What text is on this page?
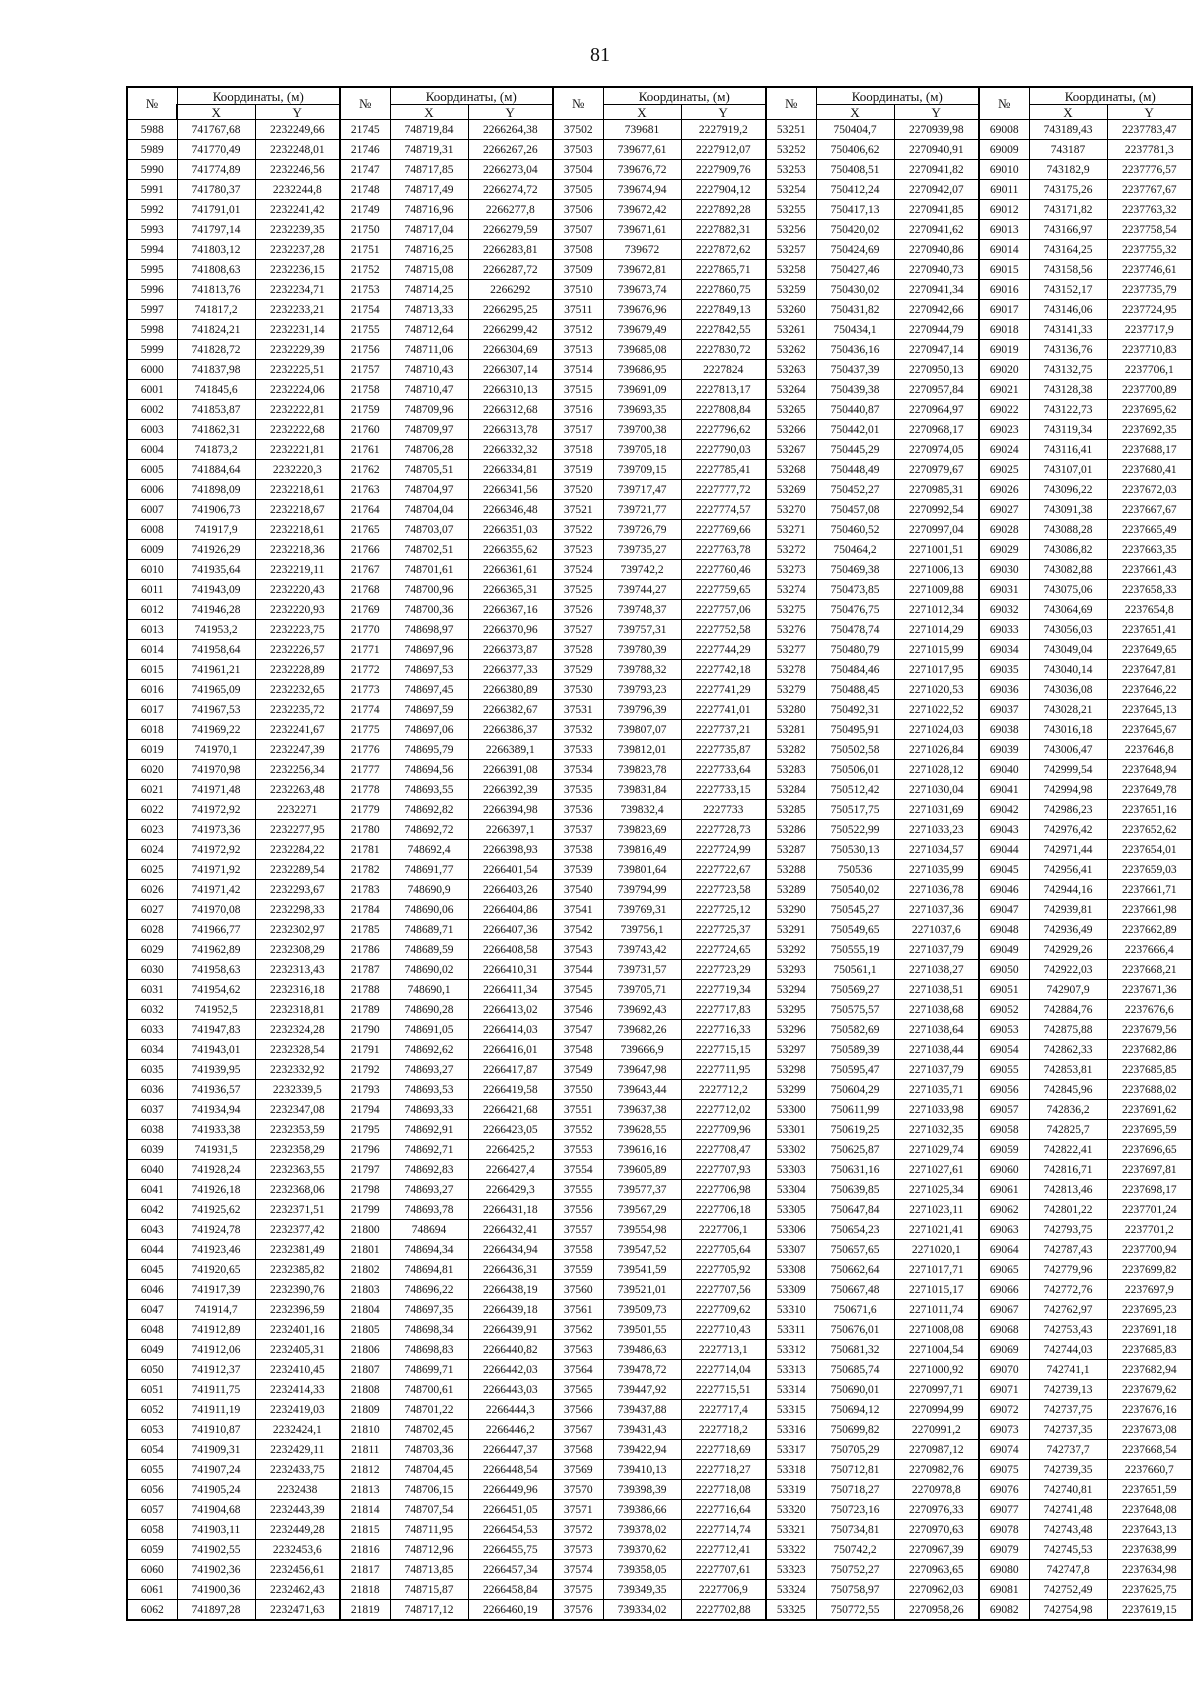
81
№	Координаты, (м)		№	Координаты, (м)		№	Координаты, (м)		№	Координаты, (м)		№	Координаты, (м)	
	X	Y		X	Y		X	Y		X	Y		X	Y
5988	741767,68	2232249,66	21745	748719,84	2266264,38	37502	739681	2227919,2	53251	750404,7	2270939,98	69008	743189,43	2237783,47
5989	741770,49	2232248,01	21746	748719,31	2266267,26	37503	739677,61	2227912,07	53252	750406,62	2270940,91	69009	743187	2237781,3
5990	741774,89	2232246,56	21747	748717,85	2266273,04	37504	739676,72	2227909,76	53253	750408,51	2270941,82	69010	743182,9	2237776,57
5991	741780,37	2232244,8	21748	748717,49	2266274,72	37505	739674,94	2227904,12	53254	750412,24	2270942,07	69011	743175,26	2237767,67
5992	741791,01	2232241,42	21749	748716,96	2266277,8	37506	739672,42	2227892,28	53255	750417,13	2270941,85	69012	743171,82	2237763,32
5993	741797,14	2232239,35	21750	748717,04	2266279,59	37507	739671,61	2227882,31	53256	750420,02	2270941,62	69013	743166,97	2237758,54
5994	741803,12	2232237,28	21751	748716,25	2266283,81	37508	739672	2227872,62	53257	750424,69	2270940,86	69014	743164,25	2237755,32
5995	741808,63	2232236,15	21752	748715,08	2266287,72	37509	739672,81	2227865,71	53258	750427,46	2270940,73	69015	743158,56	2237746,61
5996	741813,76	2232234,71	21753	748714,25	2266292	37510	739673,74	2227860,75	53259	750430,02	2270941,34	69016	743152,17	2237735,79
5997	741817,2	2232233,21	21754	748713,33	2266295,25	37511	739676,96	2227849,13	53260	750431,82	2270942,66	69017	743146,06	2237724,95
5998	741824,21	2232231,14	21755	748712,64	2266299,42	37512	739679,49	2227842,55	53261	750434,1	2270944,79	69018	743141,33	2237717,9
5999	741828,72	2232229,39	21756	748711,06	2266304,69	37513	739685,08	2227830,72	53262	750436,16	2270947,14	69019	743136,76	2237710,83
6000	741837,98	2232225,51	21757	748710,43	2266307,14	37514	739686,95	2227824	53263	750437,39	2270950,13	69020	743132,75	2237706,1
6001	741845,6	2232224,06	21758	748710,47	2266310,13	37515	739691,09	2227813,17	53264	750439,38	2270957,84	69021	743128,38	2237700,89
6002	741853,87	2232222,81	21759	748709,96	2266312,68	37516	739693,35	2227808,84	53265	750440,87	2270964,97	69022	743122,73	2237695,62
6003	741862,31	2232222,68	21760	748709,97	2266313,78	37517	739700,38	2227796,62	53266	750442,01	2270968,17	69023	743119,34	2237692,35
6004	741873,2	2232221,81	21761	748706,28	2266332,32	37518	739705,18	2227790,03	53267	750445,29	2270974,05	69024	743116,41	2237688,17
6005	741884,64	2232220,3	21762	748705,51	2266334,81	37519	739709,15	2227785,41	53268	750448,49	2270979,67	69025	743107,01	2237680,41
6006	741898,09	2232218,61	21763	748704,97	2266341,56	37520	739717,47	2227777,72	53269	750452,27	2270985,31	69026	743096,22	2237672,03
6007	741906,73	2232218,67	21764	748704,04	2266346,48	37521	739721,77	2227774,57	53270	750457,08	2270992,54	69027	743091,38	2237667,67
6008	741917,9	2232218,61	21765	748703,07	2266351,03	37522	739726,79	2227769,66	53271	750460,52	2270997,04	69028	743088,28	2237665,49
6009	741926,29	2232218,36	21766	748702,51	2266355,62	37523	739735,27	2227763,78	53272	750464,2	2271001,51	69029	743086,82	2237663,35
6010	741935,64	2232219,11	21767	748701,61	2266361,61	37524	739742,2	2227760,46	53273	750469,38	2271006,13	69030	743082,88	2237661,43
6011	741943,09	2232220,43	21768	748700,96	2266365,31	37525	739744,27	2227759,65	53274	750473,85	2271009,88	69031	743075,06	2237658,33
6012	741946,28	2232220,93	21769	748700,36	2266367,16	37526	739748,37	2227757,06	53275	750476,75	2271012,34	69032	743064,69	2237654,8
6013	741953,2	2232223,75	21770	748698,97	2266370,96	37527	739757,31	2227752,58	53276	750478,74	2271014,29	69033	743056,03	2237651,41
6014	741958,64	2232226,57	21771	748697,96	2266373,87	37528	739780,39	2227744,29	53277	750480,79	2271015,99	69034	743049,04	2237649,65
6015	741961,21	2232228,89	21772	748697,53	2266377,33	37529	739788,32	2227742,18	53278	750484,46	2271017,95	69035	743040,14	2237647,81
6016	741965,09	2232232,65	21773	748697,45	2266380,89	37530	739793,23	2227741,29	53279	750488,45	2271020,53	69036	743036,08	2237646,22
6017	741967,53	2232235,72	21774	748697,59	2266382,67	37531	739796,39	2227741,01	53280	750492,31	2271022,52	69037	743028,21	2237645,13
6018	741969,22	2232241,67	21775	748697,06	2266386,37	37532	739807,07	2227737,21	53281	750495,91	2271024,03	69038	743016,18	2237645,67
6019	741970,1	2232247,39	21776	748695,79	2266389,1	37533	739812,01	2227735,87	53282	750502,58	2271026,84	69039	743006,47	2237646,8
6020	741970,98	2232256,34	21777	748694,56	2266391,08	37534	739823,78	2227733,64	53283	750506,01	2271028,12	69040	742999,54	2237648,94
6021	741971,48	2232263,48	21778	748693,55	2266392,39	37535	739831,84	2227733,15	53284	750512,42	2271030,04	69041	742994,98	2237649,78
6022	741972,92	2232271	21779	748692,82	2266394,98	37536	739832,4	2227733	53285	750517,75	2271031,69	69042	742986,23	2237651,16
6023	741973,36	2232277,95	21780	748692,72	2266397,1	37537	739823,69	2227728,73	53286	750522,99	2271033,23	69043	742976,42	2237652,62
6024	741972,92	2232284,22	21781	748692,4	2266398,93	37538	739816,49	2227724,99	53287	750530,13	2271034,57	69044	742971,44	2237654,01
6025	741971,92	2232289,54	21782	748691,77	2266401,54	37539	739801,64	2227722,67	53288	750536	2271035,99	69045	742956,41	2237659,03
6026	741971,42	2232293,67	21783	748690,9	2266403,26	37540	739794,99	2227723,58	53289	750540,02	2271036,78	69046	742944,16	2237661,71
6027	741970,08	2232298,33	21784	748690,06	2266404,86	37541	739769,31	2227725,12	53290	750545,27	2271037,36	69047	742939,81	2237661,98
6028	741966,77	2232302,97	21785	748689,71	2266407,36	37542	739756,1	2227725,37	53291	750549,65	2271037,6	69048	742936,49	2237662,89
6029	741962,89	2232308,29	21786	748689,59	2266408,58	37543	739743,42	2227724,65	53292	750555,19	2271037,79	69049	742929,26	2237666,4
6030	741958,63	2232313,43	21787	748690,02	2266410,31	37544	739731,57	2227723,29	53293	750561,1	2271038,27	69050	742922,03	2237668,21
6031	741954,62	2232316,18	21788	748690,1	2266411,34	37545	739705,71	2227719,34	53294	750569,27	2271038,51	69051	742907,9	2237671,36
6032	741952,5	2232318,81	21789	748690,28	2266413,02	37546	739692,43	2227717,83	53295	750575,57	2271038,68	69052	742884,76	2237676,6
6033	741947,83	2232324,28	21790	748691,05	2266414,03	37547	739682,26	2227716,33	53296	750582,69	2271038,64	69053	742875,88	2237679,56
6034	741943,01	2232328,54	21791	748692,62	2266416,01	37548	739666,9	2227715,15	53297	750589,39	2271038,44	69054	742862,33	2237682,86
6035	741939,95	2232332,92	21792	748693,27	2266417,87	37549	739647,98	2227711,95	53298	750595,47	2271037,79	69055	742853,81	2237685,85
6036	741936,57	2232339,5	21793	748693,53	2266419,58	37550	739643,44	2227712,2	53299	750604,29	2271035,71	69056	742845,96	2237688,02
6037	741934,94	2232347,08	21794	748693,33	2266421,68	37551	739637,38	2227712,02	53300	750611,99	2271033,98	69057	742836,2	2237691,62
6038	741933,38	2232353,59	21795	748692,91	2266423,05	37552	739628,55	2227709,96	53301	750619,25	2271032,35	69058	742825,7	2237695,59
6039	741931,5	2232358,29	21796	748692,71	2266425,2	37553	739616,16	2227708,47	53302	750625,87	2271029,74	69059	742822,41	2237696,65
6040	741928,24	2232363,55	21797	748692,83	2266427,4	37554	739605,89	2227707,93	53303	750631,16	2271027,61	69060	742816,71	2237697,81
6041	741926,18	2232368,06	21798	748693,27	2266429,3	37555	739577,37	2227706,98	53304	750639,85	2271025,34	69061	742813,46	2237698,17
6042	741925,62	2232371,51	21799	748693,78	2266431,18	37556	739567,29	2227706,18	53305	750647,84	2271023,11	69062	742801,22	2237701,24
6043	741924,78	2232377,42	21800	748694	2266432,41	37557	739554,98	2227706,1	53306	750654,23	2271021,41	69063	742793,75	2237701,2
6044	741923,46	2232381,49	21801	748694,34	2266434,94	37558	739547,52	2227705,64	53307	750657,65	2271020,1	69064	742787,43	2237700,94
6045	741920,65	2232385,82	21802	748694,81	2266436,31	37559	739541,59	2227705,92	53308	750662,64	2271017,71	69065	742779,96	2237699,82
6046	741917,39	2232390,76	21803	748696,22	2266438,19	37560	739521,01	2227707,56	53309	750667,48	2271015,17	69066	742772,76	2237697,9
6047	741914,7	2232396,59	21804	748697,35	2266439,18	37561	739509,73	2227709,62	53310	750671,6	2271011,74	69067	742762,97	2237695,23
6048	741912,89	2232401,16	21805	748698,34	2266439,91	37562	739501,55	2227710,43	53311	750676,01	2271008,08	69068	742753,43	2237691,18
6049	741912,06	2232405,31	21806	748698,83	2266440,82	37563	739486,63	2227713,1	53312	750681,32	2271004,54	69069	742744,03	2237685,83
6050	741912,37	2232410,45	21807	748699,71	2266442,03	37564	739478,72	2227714,04	53313	750685,74	2271000,92	69070	742741,1	2237682,94
6051	741911,75	2232414,33	21808	748700,61	2266443,03	37565	739447,92	2227715,51	53314	750690,01	2270997,71	69071	742739,13	2237679,62
6052	741911,19	2232419,03	21809	748701,22	2266444,3	37566	739437,88	2227717,4	53315	750694,12	2270994,99	69072	742737,75	2237676,16
6053	741910,87	2232424,1	21810	748702,45	2266446,2	37567	739431,43	2227718,2	53316	750699,82	2270991,2	69073	742737,35	2237673,08
6054	741909,31	2232429,11	21811	748703,36	2266447,37	37568	739422,94	2227718,69	53317	750705,29	2270987,12	69074	742737,7	2237668,54
6055	741907,24	2232433,75	21812	748704,45	2266448,54	37569	739410,13	2227718,27	53318	750712,81	2270982,76	69075	742739,35	2237660,7
6056	741905,24	2232438	21813	748706,15	2266449,96	37570	739398,39	2227718,08	53319	750718,27	2270978,8	69076	742740,81	2237651,59
6057	741904,68	2232443,39	21814	748707,54	2266451,05	37571	739386,66	2227716,64	53320	750723,16	2270976,33	69077	742741,48	2237648,08
6058	741903,11	2232449,28	21815	748711,95	2266454,53	37572	739378,02	2227714,74	53321	750734,81	2270970,63	69078	742743,48	2237643,13
6059	741902,55	2232453,6	21816	748712,96	2266455,75	37573	739370,62	2227712,41	53322	750742,2	2270967,39	69079	742745,53	2237638,99
6060	741902,36	2232456,61	21817	748713,85	2266457,34	37574	739358,05	2227707,61	53323	750752,27	2270963,65	69080	742747,8	2237634,98
6061	741900,36	2232462,43	21818	748715,87	2266458,84	37575	739349,35	2227706,9	53324	750758,97	2270962,03	69081	742752,49	2237625,75
6062	741897,28	2232471,63	21819	748717,12	2266460,19	37576	739334,02	2227702,88	53325	750772,55	2270958,26	69082	742754,98	2237619,15
